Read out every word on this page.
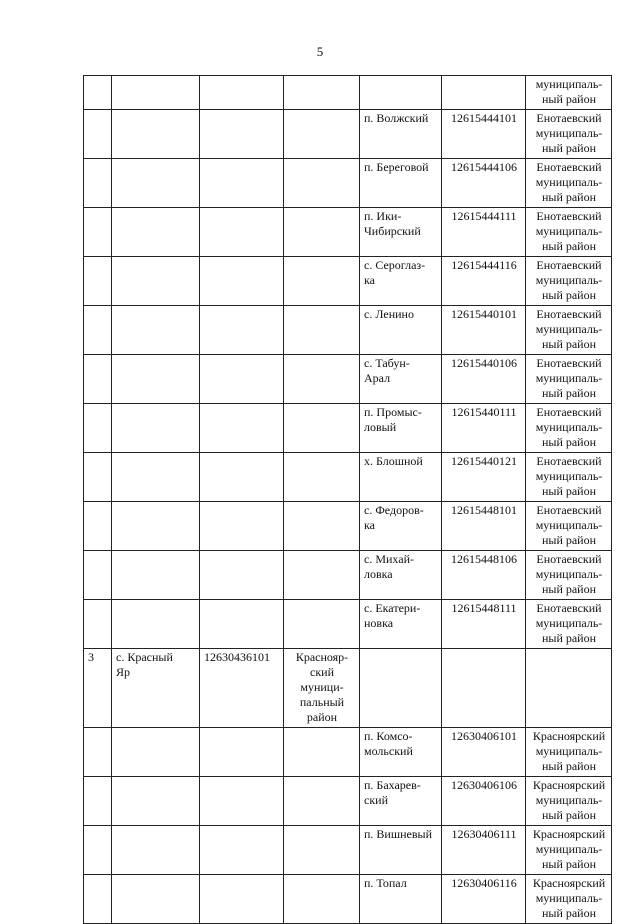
5

						муниципаль-
ный район

				п. Волжский	12615444101	Енотаевский муниципаль-
ный район

				п. Береговой	12615444106	Енотаевский муниципаль-
ный район

				п. Ики-
Чибирский	12615444111	Енотаевский муниципаль-
ный район

				с. Сероглаз-
ка	12615444116	Енотаевский муниципаль-
ный район

				с. Ленино	12615440101	Енотаевский муниципаль-
ный район

				с. Табун-
Арал	12615440106	Енотаевский муниципаль-
ный район

				п. Промыс-
ловый	12615440111	Енотаевский муниципаль-
ный район

				х. Блошной	12615440121	Енотаевский муниципаль-
ный район

				с. Федоров-
ка	12615448101	Енотаевский муниципаль-
ный район

				с. Михай-
ловка	12615448106	Енотаевский муниципаль-
ный район

				с. Екатери-
новка	12615448111	Енотаевский муниципаль-
ный район

3	с. Красный
Яр	12630436101	Краснояр-
ский муници-
пальный
район			

				п. Комсо-
мольский	12630406101	Красноярский муниципаль-
ный район

				п. Бахарев-
ский	12630406106	Красноярский муниципаль-
ный район

				п. Вишневый	12630406111	Красноярский муниципаль-
ный район

				п. Топал	12630406116	Красноярский муниципаль-
ный район
